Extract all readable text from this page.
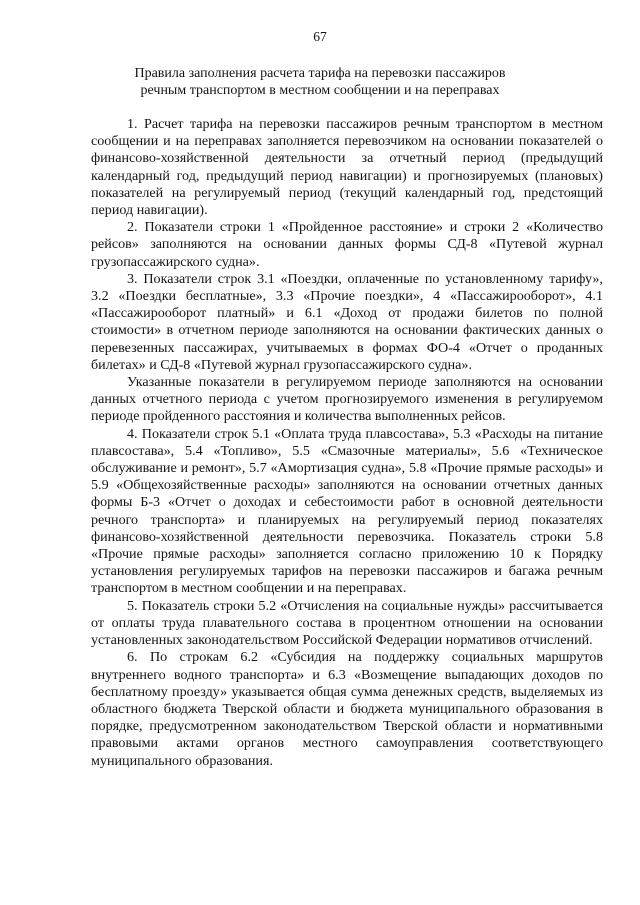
67
Правила заполнения расчета тарифа на перевозки пассажиров
речным транспортом в местном сообщении и на переправах

1. Расчет тарифа на перевозки пассажиров речным транспортом в местном сообщении и на переправах заполняется перевозчиком на основании показателей о финансово-хозяйственной деятельности за отчетный период (предыдущий календарный год, предыдущий период навигации) и прогнозируемых (плановых) показателей на регулируемый период (текущий календарный год, предстоящий период навигации).

2. Показатели строки 1 «Пройденное расстояние» и строки 2 «Количество рейсов» заполняются на основании данных формы СД-8 «Путевой журнал грузопассажирского судна».

3. Показатели строк 3.1 «Поездки, оплаченные по установленному тарифу», 3.2 «Поездки бесплатные», 3.3 «Прочие поездки», 4 «Пассажирооборот», 4.1 «Пассажирооборот платный» и 6.1 «Доход от продажи билетов по полной стоимости» в отчетном периоде заполняются на основании фактических данных о перевезенных пассажирах, учитываемых в формах ФО-4 «Отчет о проданных билетах» и СД-8 «Путевой журнал грузопассажирского судна».

Указанные показатели в регулируемом периоде заполняются на основании данных отчетного периода с учетом прогнозируемого изменения в регулируемом периоде пройденного расстояния и количества выполненных рейсов.

4. Показатели строк 5.1 «Оплата труда плавсостава», 5.3 «Расходы на питание плавсостава», 5.4 «Топливо», 5.5 «Смазочные материалы», 5.6 «Техническое обслуживание и ремонт», 5.7 «Амортизация судна», 5.8 «Прочие прямые расходы» и 5.9 «Общехозяйственные расходы» заполняются на основании отчетных данных формы Б-3 «Отчет о доходах и себестоимости работ в основной деятельности речного транспорта» и планируемых на регулируемый период показателях финансово-хозяйственной деятельности перевозчика. Показатель строки 5.8 «Прочие прямые расходы» заполняется согласно приложению 10 к Порядку установления регулируемых тарифов на перевозки пассажиров и багажа речным транспортом в местном сообщении и на переправах.

5. Показатель строки 5.2 «Отчисления на социальные нужды» рассчитывается от оплаты труда плавательного состава в процентном отношении на основании установленных законодательством Российской Федерации нормативов отчислений.

6. По строкам 6.2 «Субсидия на поддержку социальных маршрутов внутреннего водного транспорта» и 6.3 «Возмещение выпадающих доходов по бесплатному проезду» указывается общая сумма денежных средств, выделяемых из областного бюджета Тверской области и бюджета муниципального образования в порядке, предусмотренном законодательством Тверской области и нормативными правовыми актами органов местного самоуправления соответствующего муниципального образования.
